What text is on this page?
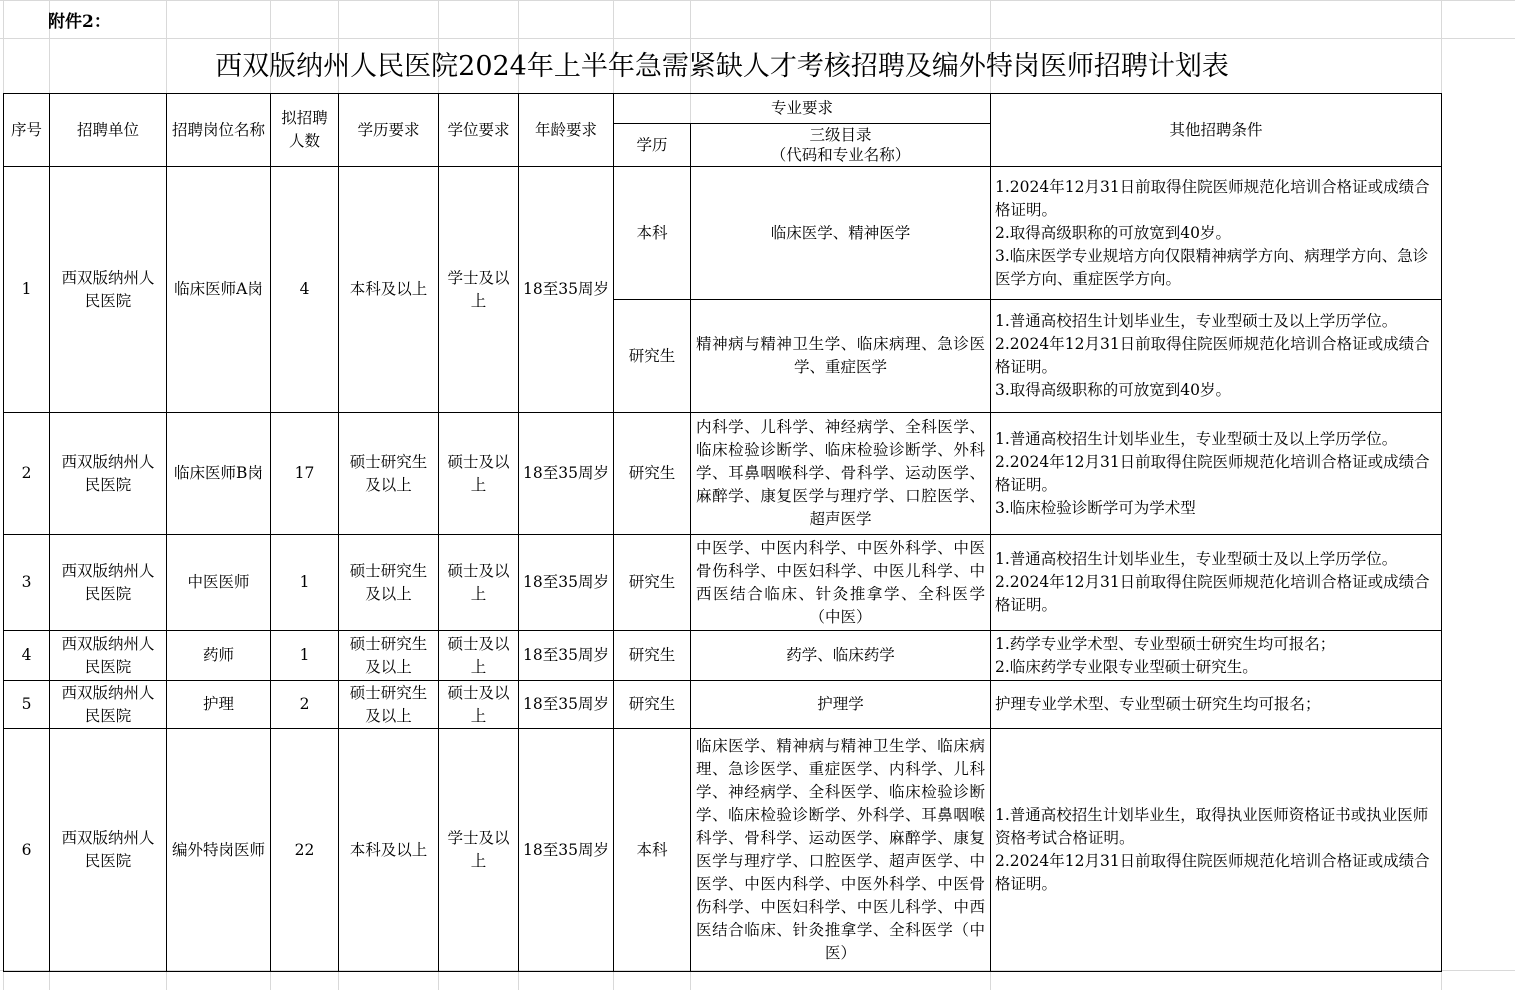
附件2：
西双版纳州人民医院2024年上半年急需紧缺人才考核招聘及编外特岗医师招聘计划表
序号	招聘单位	招聘岗位名称	拟招聘人数	学历要求	学位要求	年龄要求	专业要求		其他招聘条件
							学历	三级目录
（代码和专业名称）	

1	西双版纳州人民医院	临床医师A岗	4	本科及以上	学士及以上	18至35周岁	本科	临床医学、精神医学	1.2024年12月31日前取得住院医师规范化培训合格证或成绩合格证明。
2.取得高级职称的可放宽到40岁。
3.临床医学专业规培方向仅限精神病学方向、病理学方向、急诊医学方向、重症医学方向。

							研究生	精神病与精神卫生学、临床病理、急诊医学、重症医学	1.普通高校招生计划毕业生，专业型硕士及以上学历学位。
2.2024年12月31日前取得住院医师规范化培训合格证或成绩合格证明。
3.取得高级职称的可放宽到40岁。

2	西双版纳州人民医院	临床医师B岗	17	硕士研究生及以上	硕士及以上	18至35周岁	研究生	内科学、儿科学、神经病学、全科医学、临床检验诊断学、临床检验诊断学、外科学、耳鼻咽喉科学、骨科学、运动医学、麻醉学、康复医学与理疗学、口腔医学、超声医学	1.普通高校招生计划毕业生，专业型硕士及以上学历学位。
2.2024年12月31日前取得住院医师规范化培训合格证或成绩合格证明。
3.临床检验诊断学可为学术型

3	西双版纳州人民医院	中医医师	1	硕士研究生及以上	硕士及以上	18至35周岁	研究生	中医学、中医内科学、中医外科学、中医骨伤科学、中医妇科学、中医儿科学、中西医结合临床、针灸推拿学、全科医学（中医）	1.普通高校招生计划毕业生，专业型硕士及以上学历学位。
2.2024年12月31日前取得住院医师规范化培训合格证或成绩合格证明。

4	西双版纳州人民医院	药师	1	硕士研究生及以上	硕士及以上	18至35周岁	研究生	药学、临床药学	1.药学专业学术型、专业型硕士研究生均可报名；
2.临床药学专业限专业型硕士研究生。

5	西双版纳州人民医院	护理	2	硕士研究生及以上	硕士及以上	18至35周岁	研究生	护理学	护理专业学术型、专业型硕士研究生均可报名；

6	西双版纳州人民医院	编外特岗医师	22	本科及以上	学士及以上	18至35周岁	本科	临床医学、精神病与精神卫生学、临床病理、急诊医学、重症医学、内科学、儿科学、神经病学、全科医学、临床检验诊断学、临床检验诊断学、外科学、耳鼻咽喉科学、骨科学、运动医学、麻醉学、康复医学与理疗学、口腔医学、超声医学、中医学、中医内科学、中医外科学、中医骨伤科学、中医妇科学、中医儿科学、中西医结合临床、针灸推拿学、全科医学（中医）	1.普通高校招生计划毕业生，取得执业医师资格证书或执业医师资格考试合格证明。
2.2024年12月31日前取得住院医师规范化培训合格证或成绩合格证明。
